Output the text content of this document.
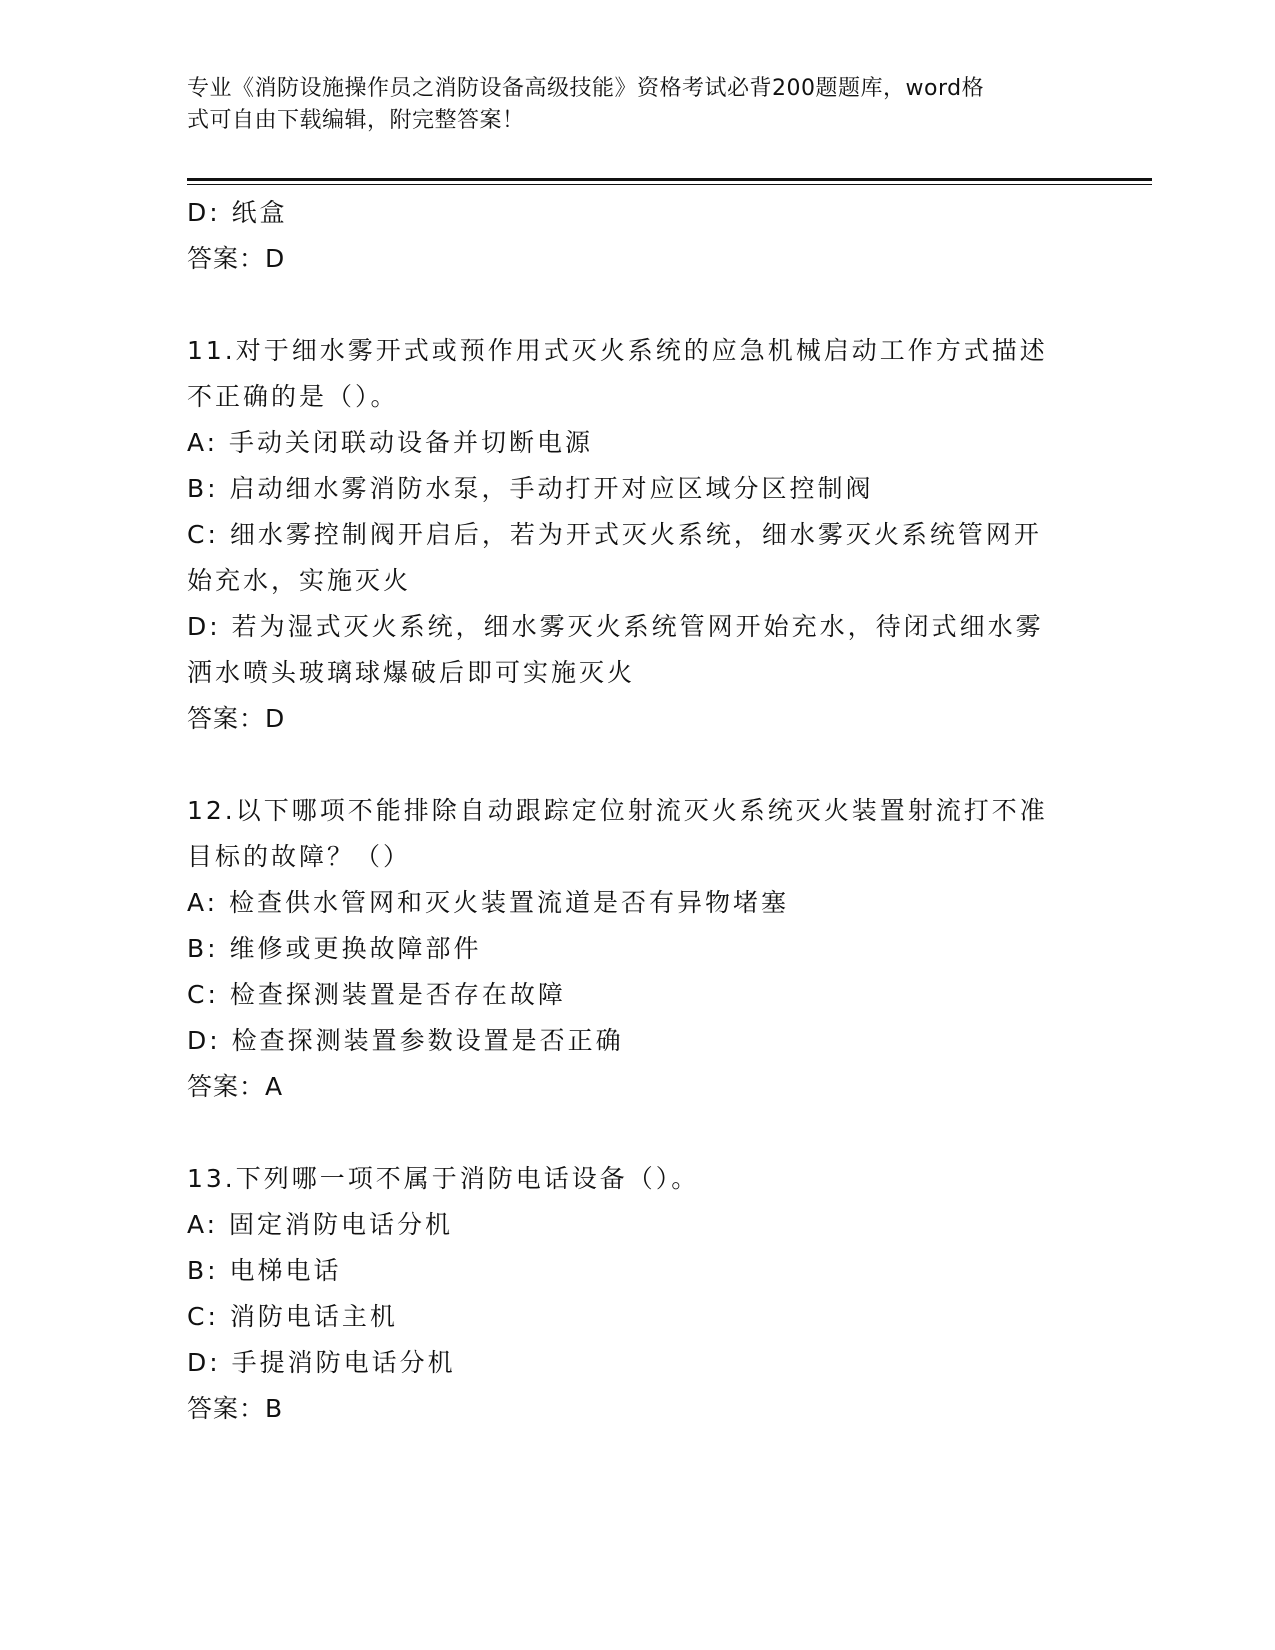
专业《消防设施操作员之消防设备高级技能》资格考试必背200题题库，word格
式可自由下载编辑，附完整答案！
D: 纸盒
答案：D
11.对于细水雾开式或预作用式灭火系统的应急机械启动工作方式描述
不正确的是（）。
A: 手动关闭联动设备并切断电源
B: 启动细水雾消防水泵，手动打开对应区域分区控制阀
C: 细水雾控制阀开启后，若为开式灭火系统，细水雾灭火系统管网开
始充水，实施灭火
D: 若为湿式灭火系统，细水雾灭火系统管网开始充水，待闭式细水雾
洒水喷头玻璃球爆破后即可实施灭火
答案：D
12.以下哪项不能排除自动跟踪定位射流灭火系统灭火装置射流打不准
目标的故障？（）
A: 检查供水管网和灭火装置流道是否有异物堵塞
B: 维修或更换故障部件
C: 检查探测装置是否存在故障
D: 检查探测装置参数设置是否正确
答案：A
13.下列哪一项不属于消防电话设备（）。
A: 固定消防电话分机
B: 电梯电话
C: 消防电话主机
D: 手提消防电话分机
答案：B
